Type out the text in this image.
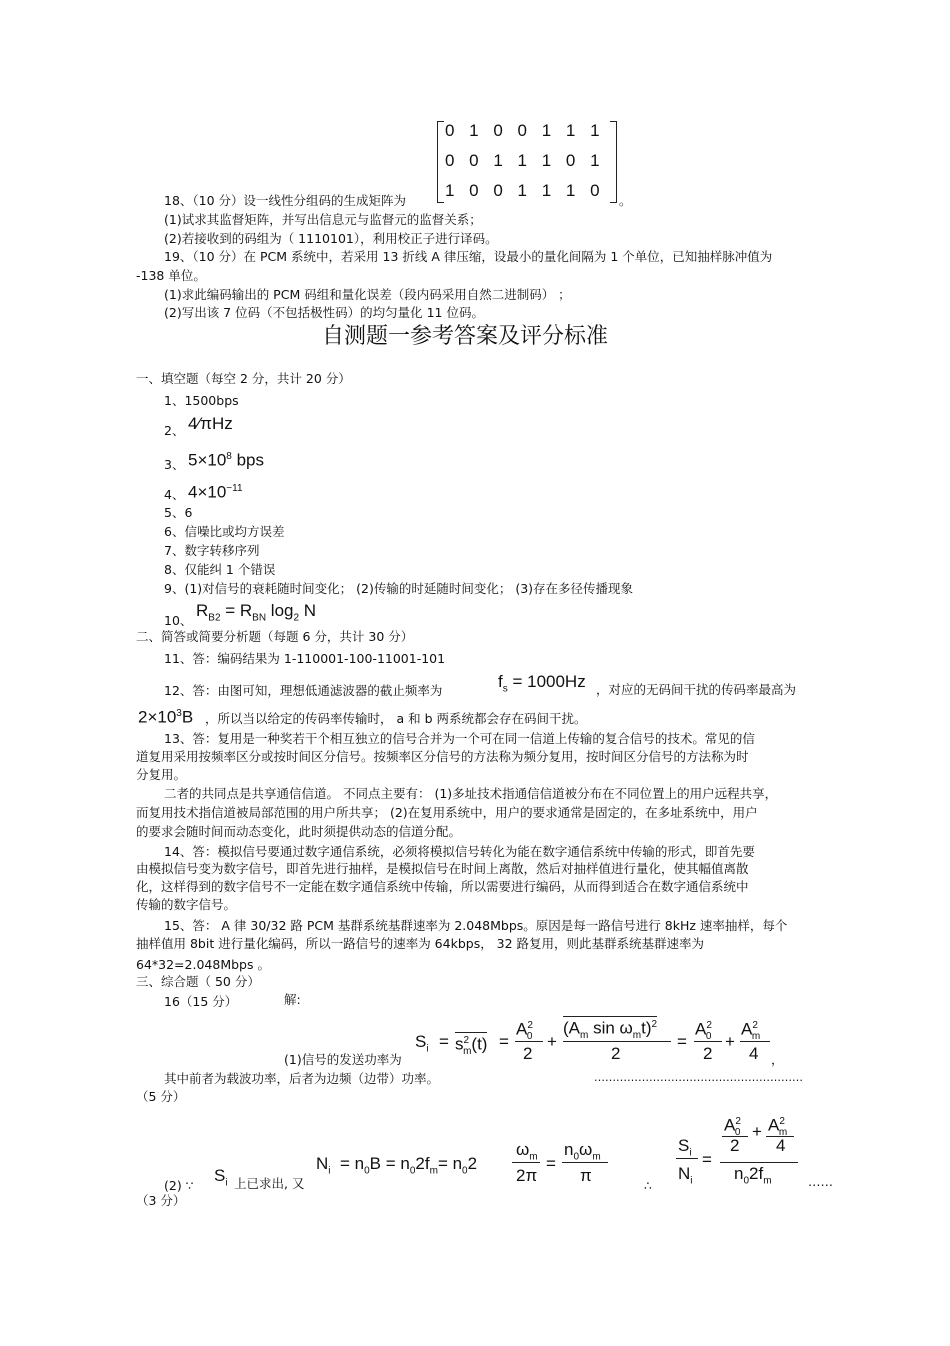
0 1 0 0 1 1 1
0 0 1 1 1 0 1
1 0 0 1 1 1 0
。
18、（10 分）设一线性分组码的生成矩阵为
(1)试求其监督矩阵，并写出信息元与监督元的监督关系；
(2)若接收到的码组为（ 1110101），利用校正子进行译码。
19、（10 分）在 PCM 系统中，若采用 13 折线 A 律压缩，设最小的量化间隔为 1 个单位，已知抽样脉冲值为
-138 单位。
(1)求此编码输出的 PCM 码组和量化误差（段内码采用自然二进制码） ；
(2)写出该 7 位码（不包括极性码）的均匀量化 11 位码。
自测题一参考答案及评分标准
一、填空题（每空 2 分，共计 20 分）
1、1500bps
2、 4⁄πHz
3、 $5\times 10^8$ bps
4、 $4\times 10^{-11}$
5、6
6、信噪比或均方误差
7、数字转移序列
8、仅能纠 1 个错误
9、(1)对信号的衰耗随时间变化； (2)传输的时延随时间变化； (3)存在多径传播现象
10、
$R_{B2} = R_{BN}$ $\log_2 N$
二、简答或简要分析题（每题 6 分，共计 30 分）
11、答：编码结果为 1-110001-100-11001-101
12、答：由图可知，理想低通滤波器的截止频率为	$f_s = 1000Hz$ ，对应的无码间干扰的传码率最高为
$2\times 10^3B$ ，所以当以给定的传码率传输时， a 和 b 两系统都会存在码间干扰。
13、答：复用是一种奖若干个相互独立的信号合并为一个可在同一信道上传输的复合信号的技术。常见的信
道复用采用按频率区分或按时间区分信号。按频率区分信号的方法称为频分复用，按时间区分信号的方法称为时
分复用。
二者的共同点是共享通信信道。 不同点主要有： (1)多址技术指通信信道被分布在不同位置上的用户远程共享，
而复用技术指信道被局部范围的用户所共享； (2)在复用系统中，用户的要求通常是固定的，在多址系统中，用户
的要求会随时间而动态变化，此时须提供动态的信道分配。
14、答：模拟信号要通过数字通信系统，必须将模拟信号转化为能在数字通信系统中传输的形式，即首先要
由模拟信号变为数字信号，即首先进行抽样，是模拟信号在时间上离散，然后对抽样值进行量化，使其幅值离散
化，这样得到的数字信号不一定能在数字通信系统中传输，所以需要进行编码，从而得到适合在数字通信系统中
传输的数字信号。
15、答： A 律 30/32 路 PCM 基群系统基群速率为 2.048Mbps。原因是每一路信号进行 8kHz 速率抽样，每个
抽样值用 8bit 进行量化编码，所以一路信号的速率为 64kbps， 32 路复用，则此基群系统基群速率为
64*32=2.048Mbps 。
三、综合题（ 50 分）
16（15 分）	解:
$S_i = s^2_m(t)$ =
$A^2_0$
2
+
($A_m$ $\sin \omega_mt)^2$
2
=
$A^2_0$
2
+
$A^2_m$
4 ，
(1)信号的发送功率为
其中前者为载波功率，后者为边频（边带）功率。	…………………………………………………
（5 分）
(2) ∵
$S_i$ 上已求出, 又
$N_i = n_0B = n_02f_m= n_02$
$\omega_m$
2π
=
$n_0\omega_m$
π
∴
$S_i$
$N_i$
=
$A^2_0$
2
+ $A^2_m$
4
$n_02f_m$	……
（3 分）
